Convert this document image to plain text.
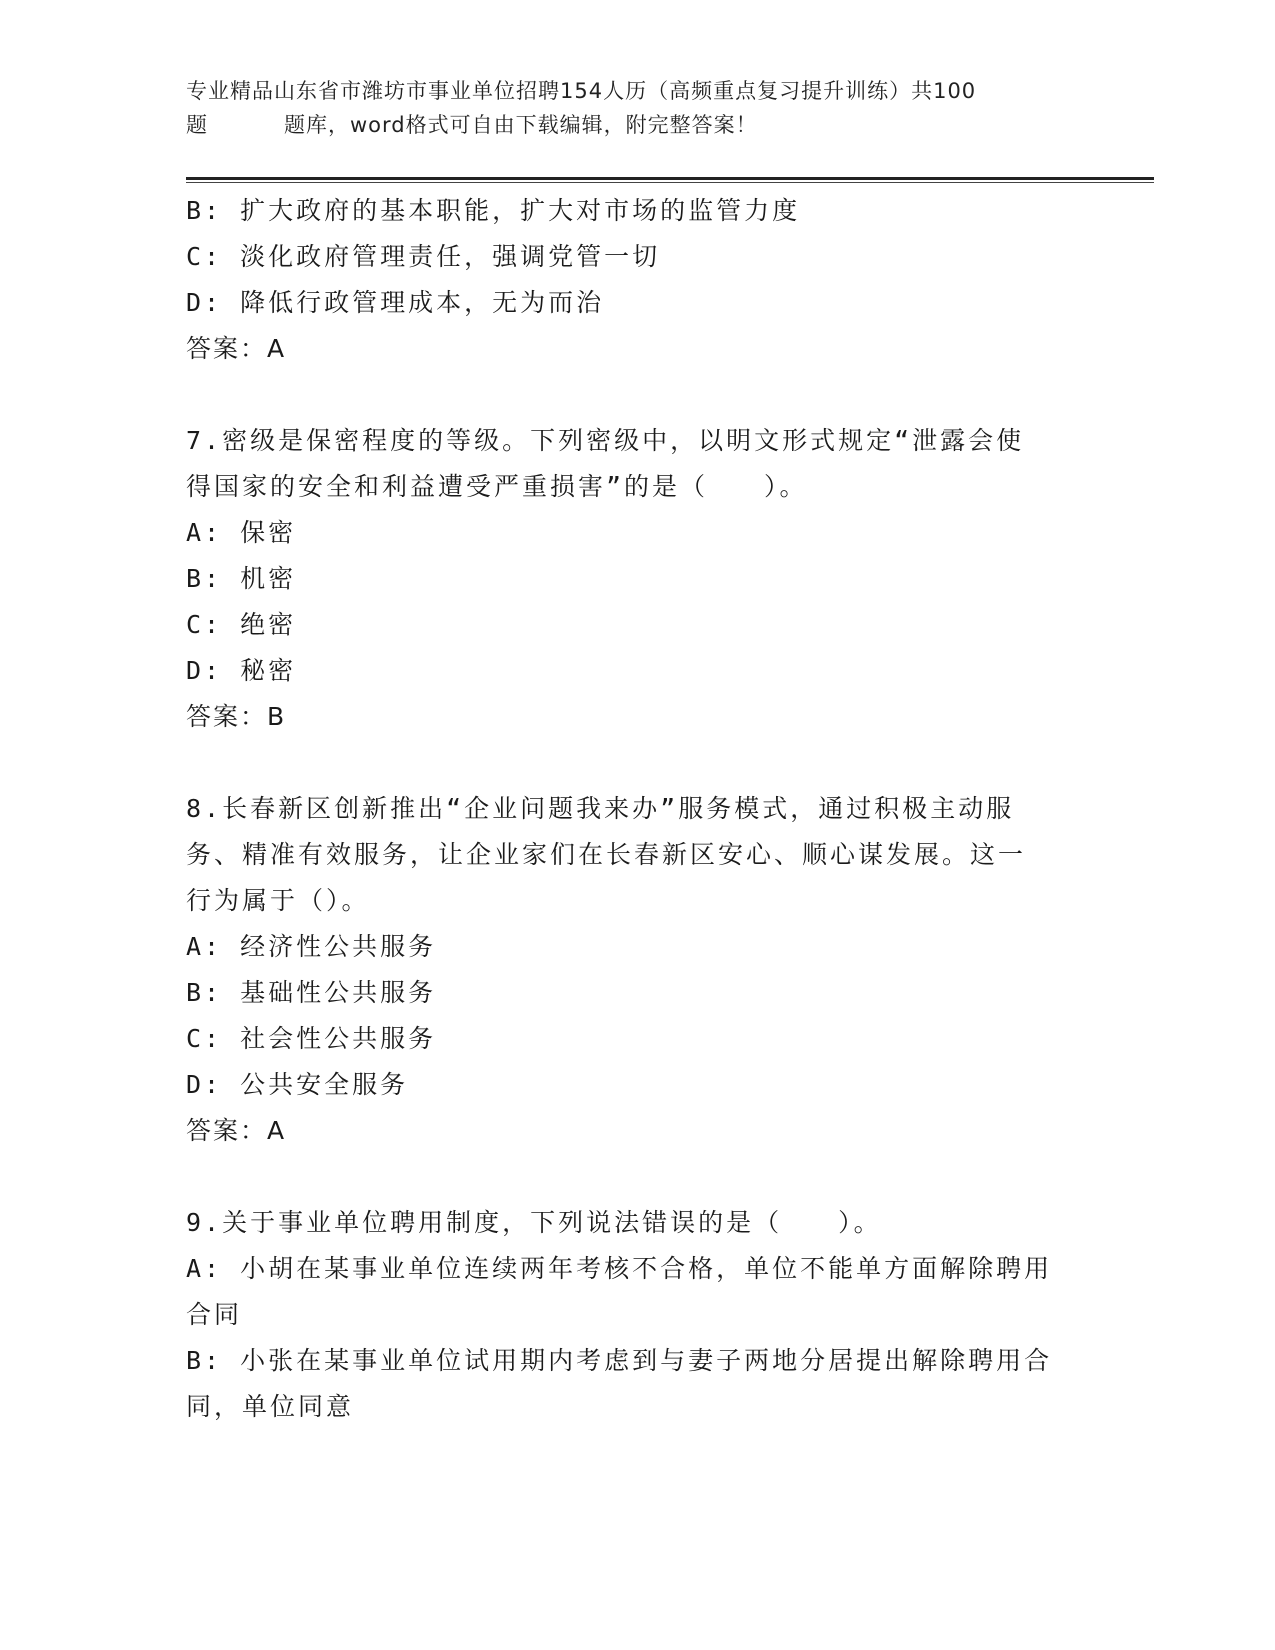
专业精品山东省市潍坊市事业单位招聘154人历（高频重点复习提升训练）共100
题	题库，word格式可自由下载编辑，附完整答案！
B: 扩大政府的基本职能，扩大对市场的监管力度
C: 淡化政府管理责任，强调党管一切
D: 降低行政管理成本，无为而治
答案：A
7.密级是保密程度的等级。下列密级中，以明文形式规定“泄露会使
得国家的安全和利益遭受严重损害”的是（　　）。
A: 保密
B: 机密
C: 绝密
D: 秘密
答案：B
8.长春新区创新推出“企业问题我来办”服务模式，通过积极主动服
务、精准有效服务，让企业家们在长春新区安心、顺心谋发展。这一
行为属于（）。
A: 经济性公共服务
B: 基础性公共服务
C: 社会性公共服务
D: 公共安全服务
答案：A
9.关于事业单位聘用制度，下列说法错误的是（　　）。
A: 小胡在某事业单位连续两年考核不合格，单位不能单方面解除聘用
合同
B: 小张在某事业单位试用期内考虑到与妻子两地分居提出解除聘用合
同，单位同意
